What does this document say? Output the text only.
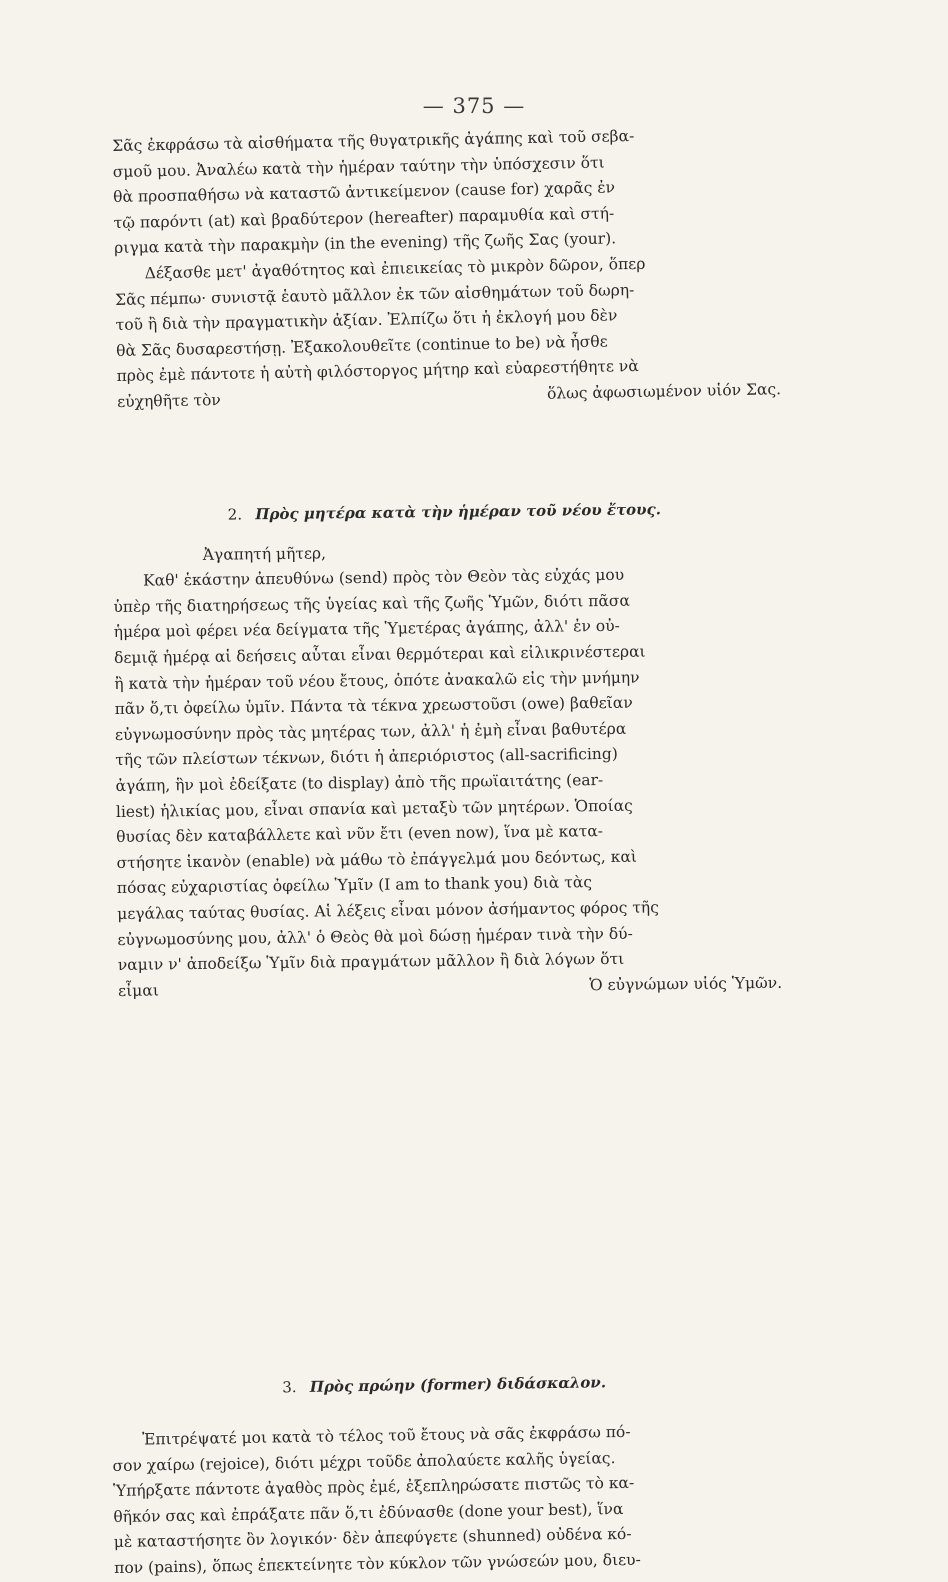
— 375 —
Σᾶς ἐκφράσω τὰ αἰσθήματα τῆς θυγατρικῆς ἀγάπης καὶ τοῦ σεβα-
σμοῦ μου. Ἀναλέω κατὰ τὴν ἡμέραν ταύτην τὴν ὑπόσχεσιν ὅτι
θὰ προσπαθήσω νὰ καταστῶ ἀντικείμενον (cause for) χαρᾶς ἐν
τῷ παρόντι (at) καὶ βραδύτερον (hereafter) παραμυθία καὶ στή-
ριγμα κατὰ τὴν παρακμὴν (in the evening) τῆς ζωῆς Σας (your).
Δέξασθε μετ' ἀγαθότητος καὶ ἐπιεικείας τὸ μικρὸν δῶρον, ὅπερ
Σᾶς πέμπω· συνιστᾷ ἑαυτὸ μᾶλλον ἐκ τῶν αἰσθημάτων τοῦ δωρη-
τοῦ ἢ διὰ τὴν πραγματικὴν ἀξίαν. Ἐλπίζω ὅτι ἡ ἐκλογή μου δὲν
θὰ Σᾶς δυσαρεστήσῃ. Ἐξακολουθεῖτε (continue to be) νὰ ἦσθε
πρὸς ἐμὲ πάντοτε ἡ αὐτὴ φιλόστοργος μήτηρ καὶ εὐαρεστήθητε νὰ
εὐχηθῆτε τὸν	ὅλως ἀφωσιωμένον υἱόν Σας.
2. Πρὸς μητέρα κατὰ τὴν ἡμέραν τοῦ νέου ἔτους.
Ἀγαπητή μῆτερ,
Καθ' ἑκάστην ἀπευθύνω (send) πρὸς τὸν Θεὸν τὰς εὐχάς μου
ὑπὲρ τῆς διατηρήσεως τῆς ὑγείας καὶ τῆς ζωῆς Ὑμῶν, διότι πᾶσα
ἡμέρα μοὶ φέρει νέα δείγματα τῆς Ὑμετέρας ἀγάπης, ἀλλ' ἐν οὐ-
δεμιᾷ ἡμέρᾳ αἱ δεήσεις αὗται εἶναι θερμότεραι καὶ εἰλικρινέστεραι
ἢ κατὰ τὴν ἡμέραν τοῦ νέου ἔτους, ὁπότε ἀνακαλῶ εἰς τὴν μνήμην
πᾶν ὅ,τι ὀφείλω ὑμῖν. Πάντα τὰ τέκνα χρεωστοῦσι (owe) βαθεῖαν
εὐγνωμοσύνην πρὸς τὰς μητέρας των, ἀλλ' ἡ ἐμὴ εἶναι βαθυτέρα
τῆς τῶν πλείστων τέκνων, διότι ἡ ἀπεριόριστος (all-sacrificing)
ἀγάπη, ἣν μοὶ ἐδείξατε (to display) ἀπὸ τῆς πρωϊαιτάτης (ear-
liest) ἡλικίας μου, εἶναι σπανία καὶ μεταξὺ τῶν μητέρων. Ὁποίας
θυσίας δὲν καταβάλλετε καὶ νῦν ἔτι (even now), ἵνα μὲ κατα-
στήσητε ἱκανὸν (enable) νὰ μάθω τὸ ἐπάγγελμά μου δεόντως, καὶ
πόσας εὐχαριστίας ὀφείλω Ὑμῖν (I am to thank you) διὰ τὰς
μεγάλας ταύτας θυσίας. Αἱ λέξεις εἶναι μόνον ἀσήμαντος φόρος τῆς
εὐγνωμοσύνης μου, ἀλλ' ὁ Θεὸς θὰ μοὶ δώσῃ ἡμέραν τινὰ τὴν δύ-
ναμιν ν' ἀποδείξω Ὑμῖν διὰ πραγμάτων μᾶλλον ἢ διὰ λόγων ὅτι
εἶμαι	Ὁ εὐγνώμων υἱός Ὑμῶν.
3. Πρὸς πρώην (former) διδάσκαλον.
Ἐπιτρέψατέ μοι κατὰ τὸ τέλος τοῦ ἔτους νὰ σᾶς ἐκφράσω πό-
σον χαίρω (rejoice), διότι μέχρι τοῦδε ἀπολαύετε καλῆς ὑγείας.
Ὑπήρξατε πάντοτε ἀγαθὸς πρὸς ἐμέ, ἐξεπληρώσατε πιστῶς τὸ κα-
θῆκόν σας καὶ ἐπράξατε πᾶν ὅ,τι ἐδύνασθε (done your best), ἵνα
μὲ καταστήσητε ὂν λογικόν· δὲν ἀπεφύγετε (shunned) οὐδένα κό-
πον (pains), ὅπως ἐπεκτείνητε τὸν κύκλον τῶν γνώσεών μου, διευ-
